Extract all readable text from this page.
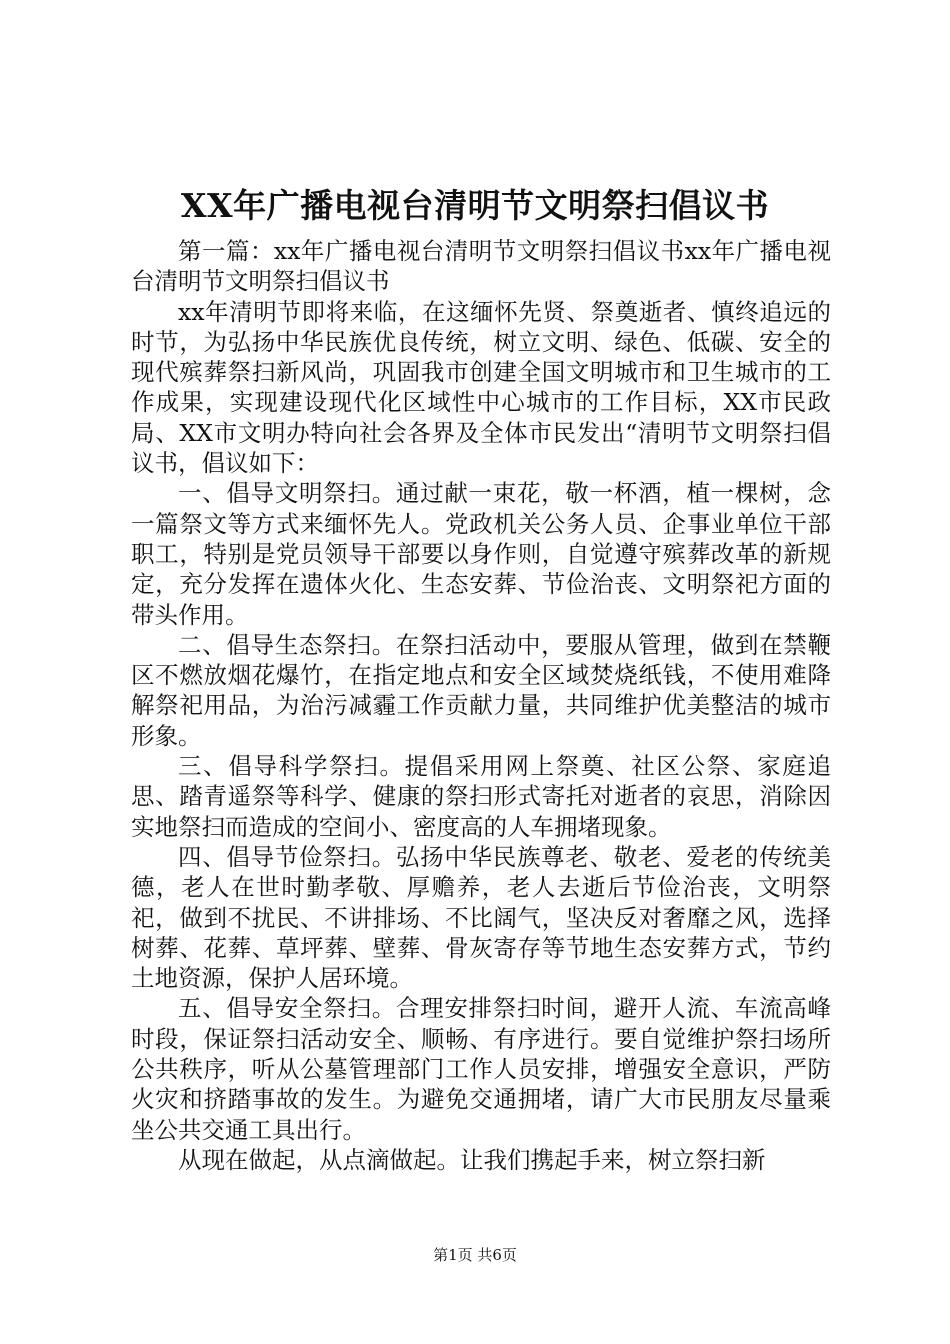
XX年广播电视台清明节文明祭扫倡议书

第一篇：xx年广播电视台清明节文明祭扫倡议书xx年广播电视台清明节文明祭扫倡议书

xx年清明节即将来临，在这缅怀先贤、祭奠逝者、慎终追远的时节，为弘扬中华民族优良传统，树立文明、绿色、低碳、安全的现代殡葬祭扫新风尚，巩固我市创建全国文明城市和卫生城市的工作成果，实现建设现代化区域性中心城市的工作目标，XX市民政局、XX市文明办特向社会各界及全体市民发出“清明节文明祭扫倡议书，倡议如下：

一、倡导文明祭扫。通过献一束花，敬一杯酒，植一棵树，念一篇祭文等方式来缅怀先人。党政机关公务人员、企事业单位干部职工，特别是党员领导干部要以身作则，自觉遵守殡葬改革的新规定，充分发挥在遗体火化、生态安葬、节俭治丧、文明祭祀方面的带头作用。

二、倡导生态祭扫。在祭扫活动中，要服从管理，做到在禁鞭区不燃放烟花爆竹，在指定地点和安全区域焚烧纸钱，不使用难降解祭祀用品，为治污减霾工作贡献力量，共同维护优美整洁的城市形象。

三、倡导科学祭扫。提倡采用网上祭奠、社区公祭、家庭追思、踏青遥祭等科学、健康的祭扫形式寄托对逝者的哀思，消除因实地祭扫而造成的空间小、密度高的人车拥堵现象。

四、倡导节俭祭扫。弘扬中华民族尊老、敬老、爱老的传统美德，老人在世时勤孝敬、厚赡养，老人去逝后节俭治丧，文明祭祀，做到不扰民、不讲排场、不比阔气，坚决反对奢靡之风，选择树葬、花葬、草坪葬、壁葬、骨灰寄存等节地生态安葬方式，节约土地资源，保护人居环境。

五、倡导安全祭扫。合理安排祭扫时间，避开人流、车流高峰时段，保证祭扫活动安全、顺畅、有序进行。要自觉维护祭扫场所公共秩序，听从公墓管理部门工作人员安排，增强安全意识，严防火灾和挤踏事故的发生。为避免交通拥堵，请广大市民朋友尽量乘坐公共交通工具出行。

从现在做起，从点滴做起。让我们携起手来，树立祭扫新

第1页 共6页
